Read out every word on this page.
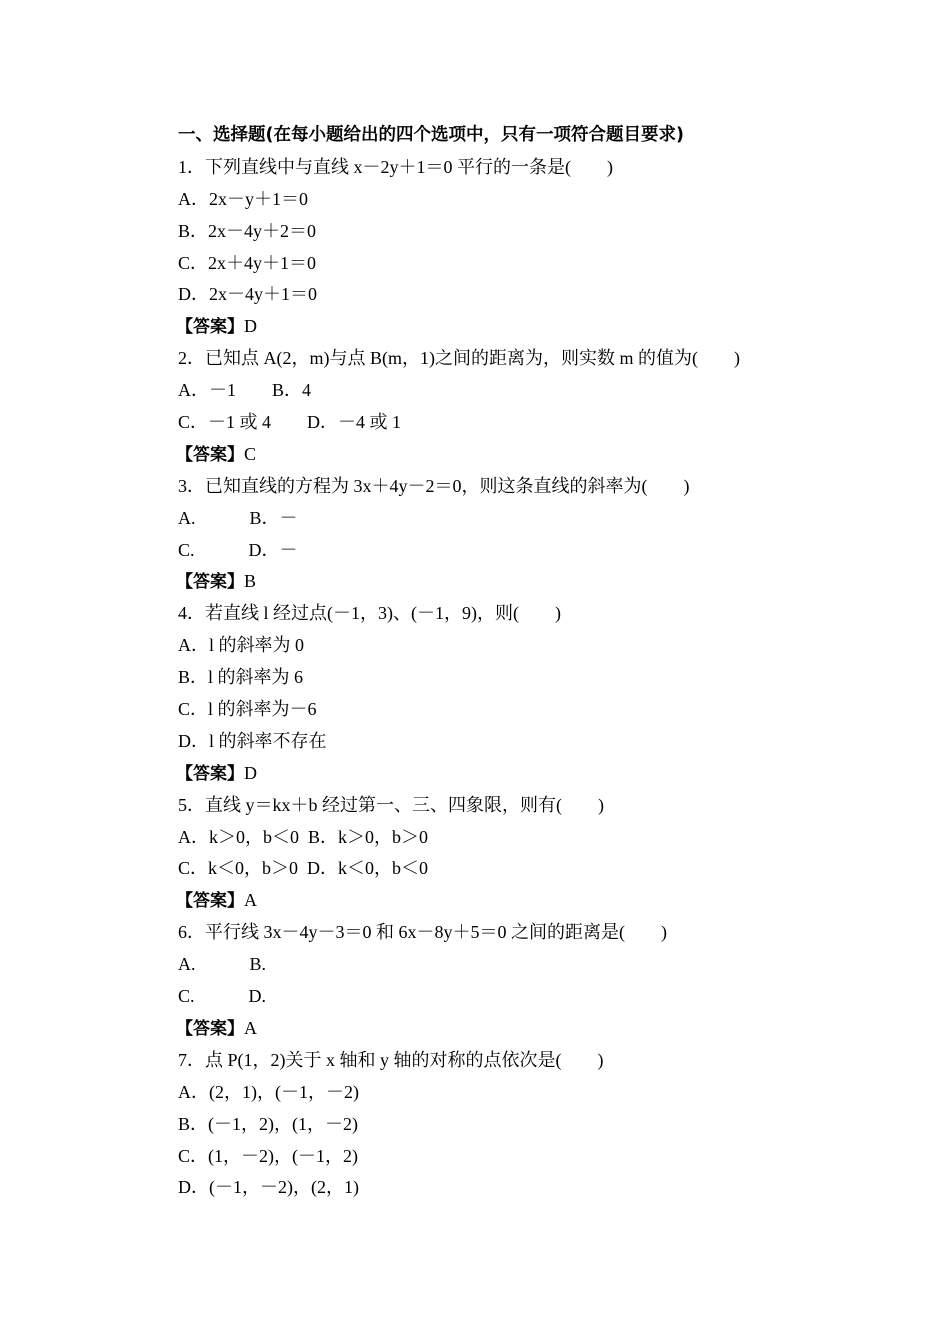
一、选择题(在每小题给出的四个选项中，只有一项符合题目要求)
1．下列直线中与直线 x－2y＋1＝0 平行的一条是(　　)
A．2x－y＋1＝0
B．2x－4y＋2＝0
C．2x＋4y＋1＝0
D．2x－4y＋1＝0
【答案】D
2．已知点 A(2，m)与点 B(m，1)之间的距离为，则实数 m 的值为(　　)
A．－1　　B．4
C．－1 或 4　　D．－4 或 1
【答案】C
3．已知直线的方程为 3x＋4y－2＝0，则这条直线的斜率为(　　)
A.　　　B．－
C.　　　D．－
【答案】B
4．若直线 l 经过点(－1，3)、(－1，9)，则(　　)
A．l 的斜率为 0
B．l 的斜率为 6
C．l 的斜率为－6
D．l 的斜率不存在
【答案】D
5．直线 y＝kx＋b 经过第一、三、四象限，则有(　　)
A．k＞0，b＜0  B．k＞0，b＞0
C．k＜0，b＞0  D．k＜0，b＜0
【答案】A
6．平行线 3x－4y－3＝0 和 6x－8y＋5＝0 之间的距离是(　　)
A.　　　B.
C.　　　D.
【答案】A
7．点 P(1，2)关于 x 轴和 y 轴的对称的点依次是(　　)
A．(2，1)，(－1，－2)
B．(－1，2)，(1，－2)
C．(1，－2)，(－1，2)
D．(－1，－2)，(2，1)
